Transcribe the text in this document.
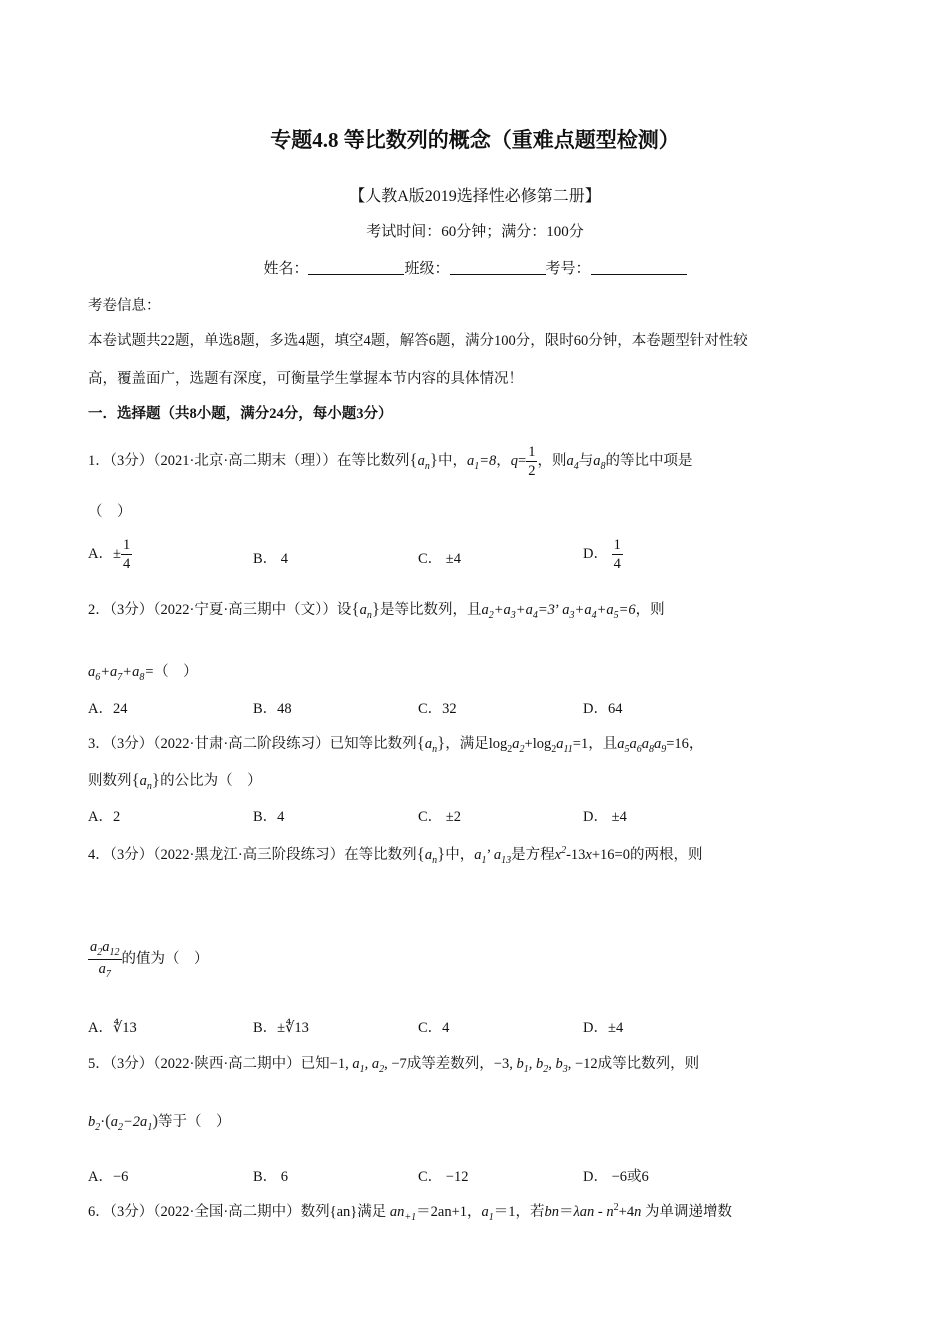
专题4.8 等比数列的概念（重难点题型检测）
【人教A版2019选择性必修第二册】
考试时间：60分钟；满分：100分
姓名：	班级：	考号：
考卷信息：
本卷试题共22题，单选8题，多选4题，填空4题，解答6题，满分100分，限时60分钟，本卷题型针对性较
高，覆盖面广，选题有深度，可衡量学生掌握本节内容的具体情况！
一．选择题（共8小题，满分24分，每小题3分）
1．（3分）（2021·北京·高二期末（理））在等比数列$\{a_n\}$中，$a_1=8$，$q= \frac{1}{2}$ ，则$a_4$与$a_8$的等比中项是
（　）
A．± $\frac{1}{4}$	B． 4	C． ±4	D． $\frac{1}{4}$
2．（3分）（2022·宁夏·高三期中（文））设$\{a_n\}$是等比数列，且$a_2+a_3+a_4=3$’ $a_3+a_4+a_5=6$，则
$a_6+a_7+a_8=$（　）
A．24	B．48	C．32	D．64
3．（3分）（2022·甘肃·高二阶段练习）已知等比数列$\{a_n\}$，满足$\log_2a_2+\log_2a_{11}=1$，且$a_5a_6a_8a_9=16$，
则数列$\{a_n\}$的公比为（　）
A．2	B．4	C． ±2	D． ±4
4．（3分）（2022·黑龙江·高三阶段练习）在等比数列$\{a_n\}$中，$a_1$’ $a_{13}$是方程$x^2-13x+16=0$的两根，则
$\frac{a_2a_{12}}{a_7}$ 的值为（　）
A．∜13	B．±∜13	C．4	D．±4
5．（3分）（2022·陕西·高二期中）已知−1, $a_1$, $a_2$, −7成等差数列，−3, $b_1$, $b_2$, $b_3$, −12成等比数列，则
$b_2\cdot(a_2-2a_1)$等于（　）
A．−6	B． 6	C． −12	D． −6或6
6．（3分）（2022·全国·高二期中）数列{an}满足 $an_{+1}=2an+1$，$a_1=1$，若$bn=\lambda an - n^2+4n$ 为单调递增数
